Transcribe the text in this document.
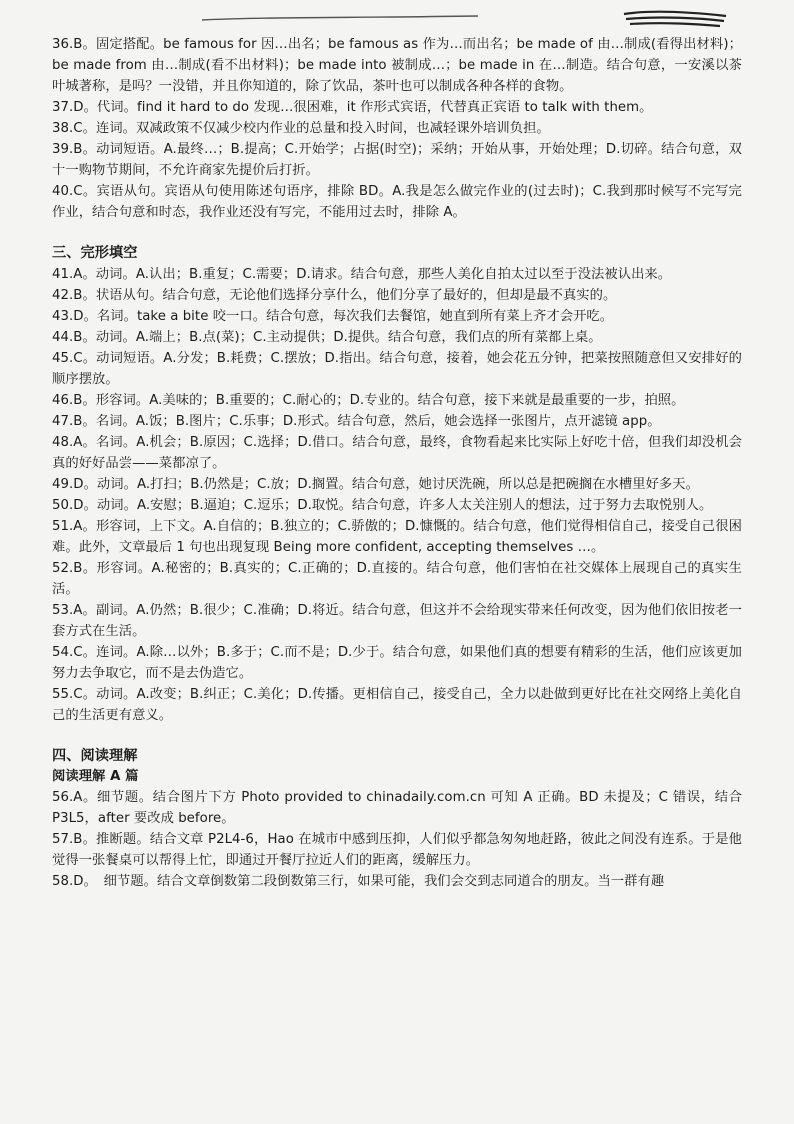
36.B。固定搭配。be famous for 因…出名；be famous as 作为…而出名；be made of 由…制成(看得出材料)；be made from 由…制成(看不出材料)；be made into 被制成…；be made in 在…制造。结合句意，一安溪以茶叶城著称，是吗？一没错，并且你知道的，除了饮品，茶叶也可以制成各种各样的食物。

37.D。代词。find it hard to do 发现…很困难，it 作形式宾语，代替真正宾语 to talk with them。

38.C。连词。双减政策不仅减少校内作业的总量和投入时间，也减轻课外培训负担。

39.B。动词短语。A.最终…；B.提高；C.开始学；占据(时空)；采纳；开始从事，开始处理；D.切碎。结合句意，双十一购物节期间，不允许商家先提价后打折。

40.C。宾语从句。宾语从句使用陈述句语序，排除 BD。A.我是怎么做完作业的(过去时)；C.我到那时候写不完写完作业，结合句意和时态，我作业还没有写完，不能用过去时，排除 A。

三、完形填空

41.A。动词。A.认出；B.重复；C.需要；D.请求。结合句意，那些人美化自拍太过以至于没法被认出来。

42.B。状语从句。结合句意，无论他们选择分享什么，他们分享了最好的，但却是最不真实的。

43.D。名词。take a bite 咬一口。结合句意，每次我们去餐馆，她直到所有菜上齐才会开吃。

44.B。动词。A.端上；B.点(菜)；C.主动提供；D.提供。结合句意，我们点的所有菜都上桌。

45.C。动词短语。A.分发；B.耗费；C.摆放；D.指出。结合句意，接着，她会花五分钟，把菜按照随意但又安排好的顺序摆放。

46.B。形容词。A.美味的；B.重要的；C.耐心的；D.专业的。结合句意，接下来就是最重要的一步，拍照。

47.B。名词。A.饭；B.图片；C.乐事；D.形式。结合句意，然后，她会选择一张图片，点开滤镜 app。

48.A。名词。A.机会；B.原因；C.选择；D.借口。结合句意，最终，食物看起来比实际上好吃十倍，但我们却没机会真的好好品尝——菜都凉了。

49.D。动词。A.打扫；B.仍然是；C.放；D.搁置。结合句意，她讨厌洗碗，所以总是把碗搁在水槽里好多天。

50.D。动词。A.安慰；B.逼迫；C.逗乐；D.取悦。结合句意，许多人太关注别人的想法，过于努力去取悦别人。

51.A。形容词，上下文。A.自信的；B.独立的；C.骄傲的；D.慷慨的。结合句意，他们觉得相信自己，接受自己很困难。此外，文章最后 1 句也出现复现 Being more confident, accepting themselves …。

52.B。形容词。A.秘密的；B.真实的；C.正确的；D.直接的。结合句意，他们害怕在社交媒体上展现自己的真实生活。

53.A。副词。A.仍然；B.很少；C.准确；D.将近。结合句意，但这并不会给现实带来任何改变，因为他们依旧按老一套方式在生活。

54.C。连词。A.除…以外；B.多于；C.而不是；D.少于。结合句意，如果他们真的想要有精彩的生活，他们应该更加努力去争取它，而不是去伪造它。

55.C。动词。A.改变；B.纠正；C.美化；D.传播。更相信自己，接受自己，全力以赴做到更好比在社交网络上美化自己的生活更有意义。

四、阅读理解
阅读理解 A 篇

56.A。细节题。结合图片下方 Photo provided to chinadaily.com.cn 可知 A 正确。BD 未提及；C 错误，结合 P3L5，after 要改成 before。

57.B。推断题。结合文章 P2L4-6，Hao 在城市中感到压抑，人们似乎都急匆匆地赶路，彼此之间没有连系。于是他觉得一张餐桌可以帮得上忙，即通过开餐厅拉近人们的距离，缓解压力。

58.D。　细节题。结合文章倒数第二段倒数第三行，如果可能，我们会交到志同道合的朋友。当一群有趣
